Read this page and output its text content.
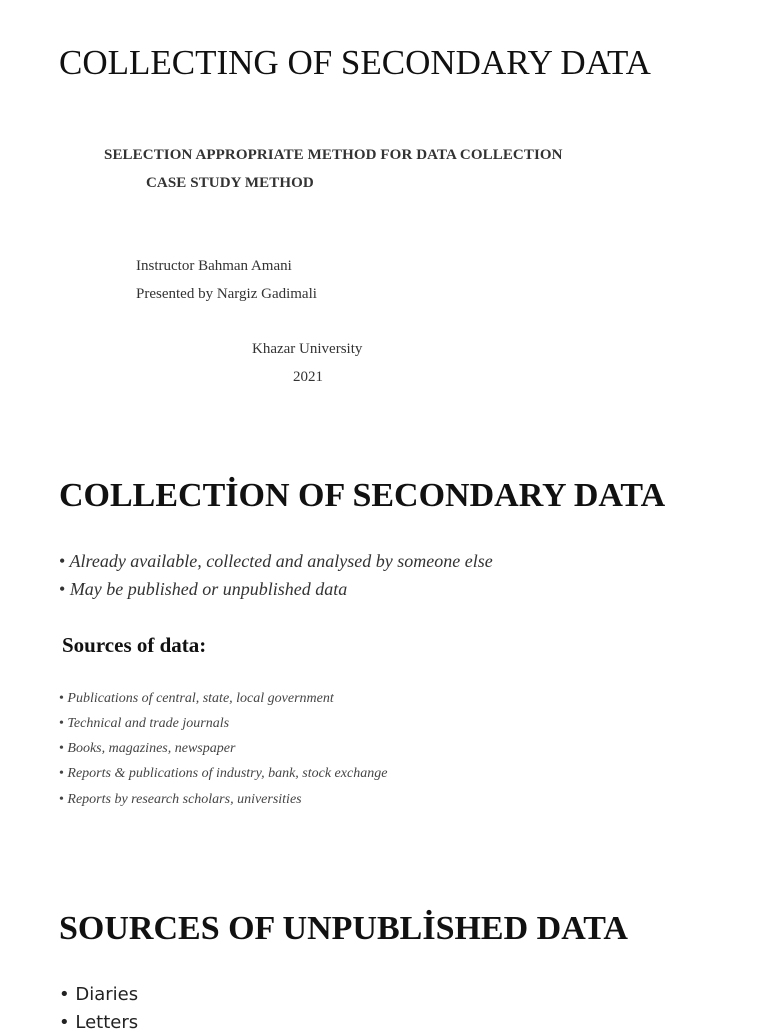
COLLECTING OF SECONDARY DATA
SELECTION APPROPRIATE METHOD FOR DATA COLLECTION
CASE STUDY METHOD
Instructor Bahman Amani
Presented by Nargiz Gadimali
Khazar University
2021
COLLECTİON OF SECONDARY DATA
• Already available, collected and analysed by someone else
• May be published or unpublished data
Sources of data:
• Publications of central, state, local government
• Technical and trade journals
• Books, magazines, newspaper
• Reports & publications of industry, bank, stock exchange
• Reports by research scholars, universities
SOURCES OF UNPUBLİSHED DATA
• Diaries
• Letters
